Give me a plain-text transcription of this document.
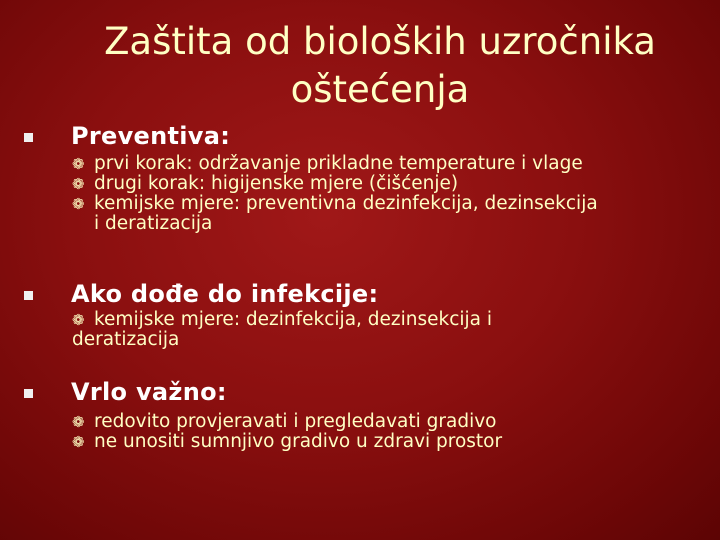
Zaštita od bioloških uzročnika
oštećenja
Preventiva:
❁ prvi korak: održavanje prikladne temperature i vlage
❁ drugi korak: higijenske mjere (čišćenje)
❁ kemijske mjere: preventivna dezinfekcija, dezinsekcija
i deratizacija
Ako dođe do infekcije:
❁ kemijske mjere: dezinfekcija, dezinsekcija i
deratizacija
Vrlo važno:
❁ redovito provjeravati i pregledavati gradivo
❁ ne unositi sumnjivo gradivo u zdravi prostor
